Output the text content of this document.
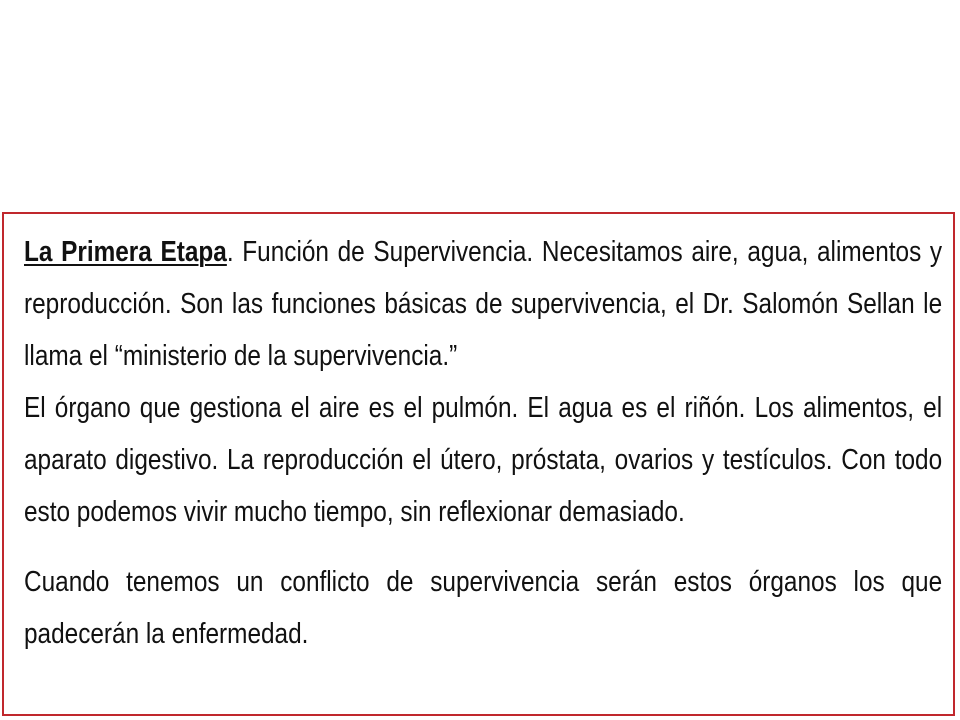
La Primera Etapa. Función de Supervivencia. Necesitamos aire, agua, alimentos y reproducción. Son las funciones básicas de supervivencia, el Dr. Salomón Sellan le llama el “ministerio de la supervivencia.”

El órgano que gestiona el aire es el pulmón. El agua es el riñón. Los alimentos, el aparato digestivo. La reproducción el útero, próstata, ovarios y testículos. Con todo esto podemos vivir mucho tiempo, sin reflexionar demasiado.

Cuando tenemos un conflicto de supervivencia serán estos órganos los que padecerán la enfermedad.
